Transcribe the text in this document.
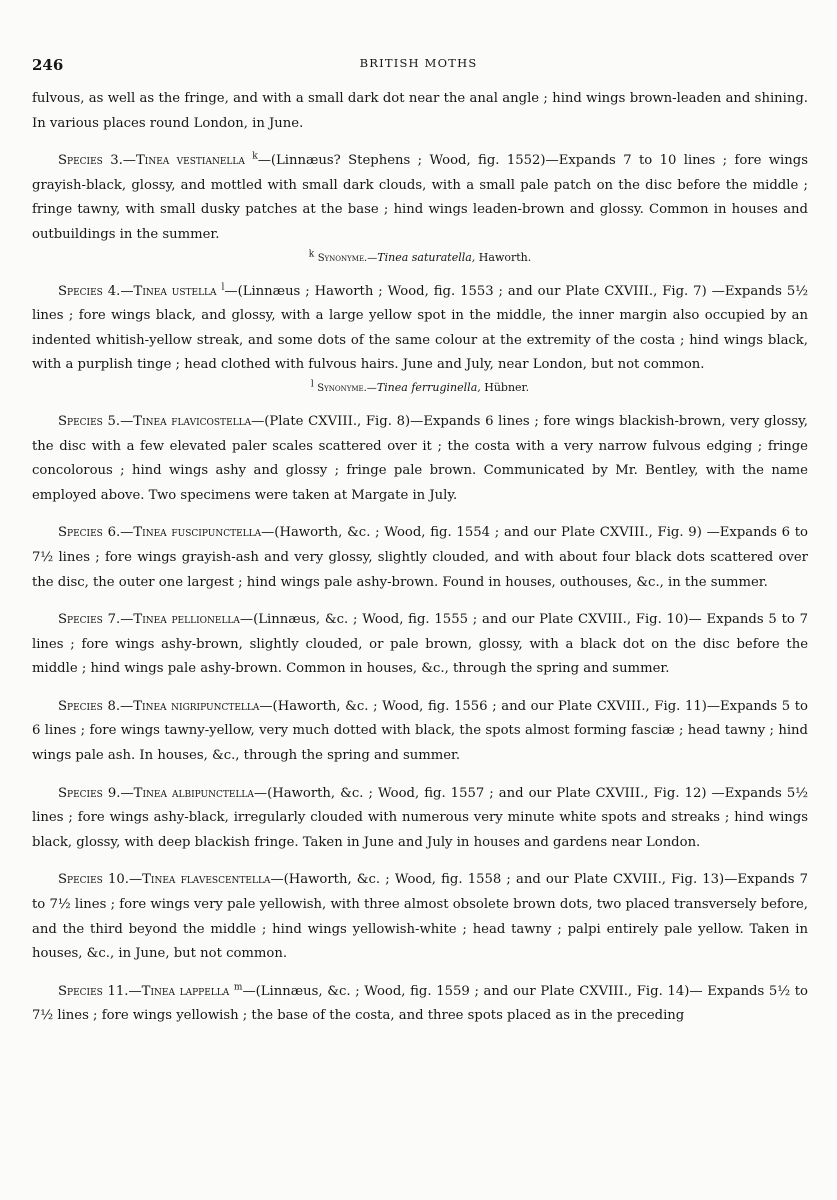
246	BRITISH MOTHS

fulvous, as well as the fringe, and with a small dark dot near the anal angle ; hind wings brown-leaden and shining. In various places round London, in June.

Species 3.—Tinea vestianella $^k$—(Linnæus? Stephens ; Wood, fig. 1552)—Expands 7 to 10 lines ; fore wings grayish-black, glossy, and mottled with small dark clouds, with a small pale patch on the disc before the middle ; fringe tawny, with small dusky patches at the base ; hind wings leaden-brown and glossy. Common in houses and outbuildings in the summer.

$^k$ Synonyme.—Tinea saturatella, Haworth.

Species 4.—Tinea ustella $^l$—(Linnæus ; Haworth ; Wood, fig. 1553 ; and our Plate CXVIII., Fig. 7) —Expands 5½ lines ; fore wings black, and glossy, with a large yellow spot in the middle, the inner margin also occupied by an indented whitish-yellow streak, and some dots of the same colour at the extremity of the costa ; hind wings black, with a purplish tinge ; head clothed with fulvous hairs. June and July, near London, but not common.

$^l$ Synonyme.—Tinea ferruginella, Hübner.

Species 5.—Tinea flavicostella—(Plate CXVIII., Fig. 8)—Expands 6 lines ; fore wings blackish-brown, very glossy, the disc with a few elevated paler scales scattered over it ; the costa with a very narrow fulvous edging ; fringe concolorous ; hind wings ashy and glossy ; fringe pale brown. Communicated by Mr. Bentley, with the name employed above. Two specimens were taken at Margate in July.

Species 6.—Tinea fuscipunctella—(Haworth, &c. ; Wood, fig. 1554 ; and our Plate CXVIII., Fig. 9) —Expands 6 to 7½ lines ; fore wings grayish-ash and very glossy, slightly clouded, and with about four black dots scattered over the disc, the outer one largest ; hind wings pale ashy-brown. Found in houses, outhouses, &c., in the summer.

Species 7.—Tinea pellionella—(Linnæus, &c. ; Wood, fig. 1555 ; and our Plate CXVIII., Fig. 10)— Expands 5 to 7 lines ; fore wings ashy-brown, slightly clouded, or pale brown, glossy, with a black dot on the disc before the middle ; hind wings pale ashy-brown. Common in houses, &c., through the spring and summer.

Species 8.—Tinea nigripunctella—(Haworth, &c. ; Wood, fig. 1556 ; and our Plate CXVIII., Fig. 11)—Expands 5 to 6 lines ; fore wings tawny-yellow, very much dotted with black, the spots almost forming fasciæ ; head tawny ; hind wings pale ash. In houses, &c., through the spring and summer.

Species 9.—Tinea albipunctella—(Haworth, &c. ; Wood, fig. 1557 ; and our Plate CXVIII., Fig. 12) —Expands 5½ lines ; fore wings ashy-black, irregularly clouded with numerous very minute white spots and streaks ; hind wings black, glossy, with deep blackish fringe. Taken in June and July in houses and gardens near London.

Species 10.—Tinea flavescentella—(Haworth, &c. ; Wood, fig. 1558 ; and our Plate CXVIII., Fig. 13)—Expands 7 to 7½ lines ; fore wings very pale yellowish, with three almost obsolete brown dots, two placed transversely before, and the third beyond the middle ; hind wings yellowish-white ; head tawny ; palpi entirely pale yellow. Taken in houses, &c., in June, but not common.

Species 11.—Tinea lappella $^m$—(Linnæus, &c. ; Wood, fig. 1559 ; and our Plate CXVIII., Fig. 14)— Expands 5½ to 7½ lines ; fore wings yellowish ; the base of the costa, and three spots placed as in the preceding
